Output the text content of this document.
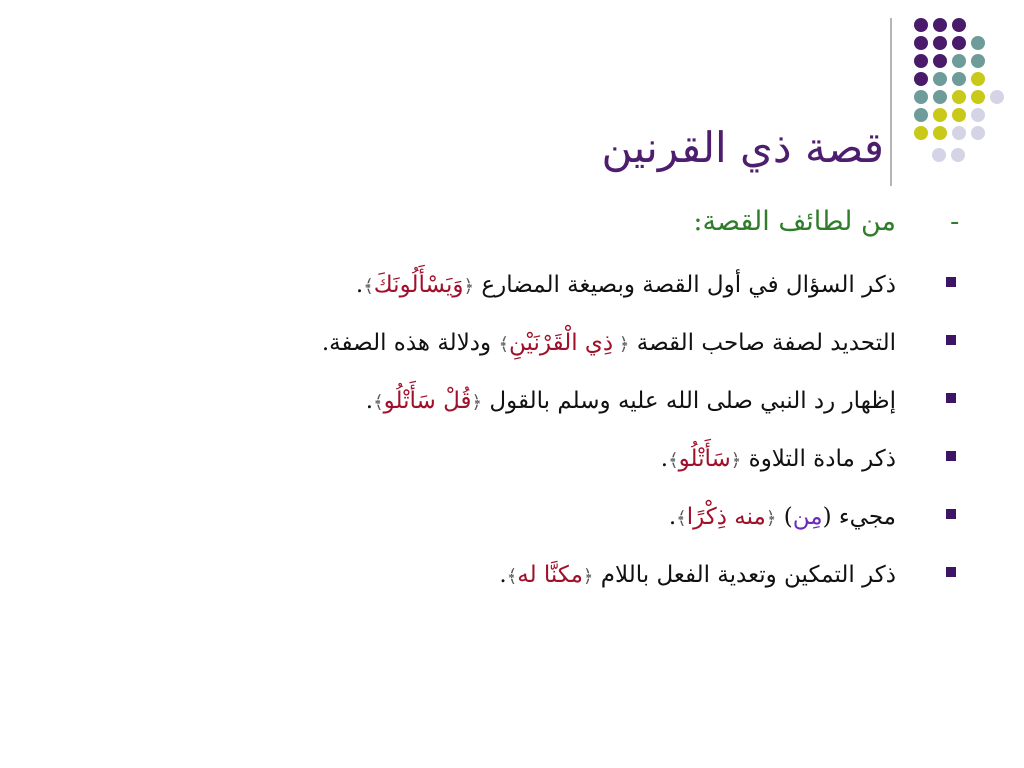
قصة ذي القرنين
-
من لطائف القصة:
ذكر السؤال في أول القصة وبصيغة المضارع ﴿وَيَسْأَلُونَكَ﴾.
التحديد لصفة صاحب القصة ﴿ ذِي الْقَرْنَيْنِ﴾ ودلالة هذه الصفة.
إظهار رد النبي صلى الله عليه وسلم بالقول ﴿قُلْ سَأَتْلُو﴾.
ذكر مادة التلاوة ﴿سَأَتْلُو﴾.
مجيء (مِن) ﴿منه ذِكْرًا﴾.
ذكر التمكين وتعدية الفعل باللام ﴿مكنَّا له﴾.
